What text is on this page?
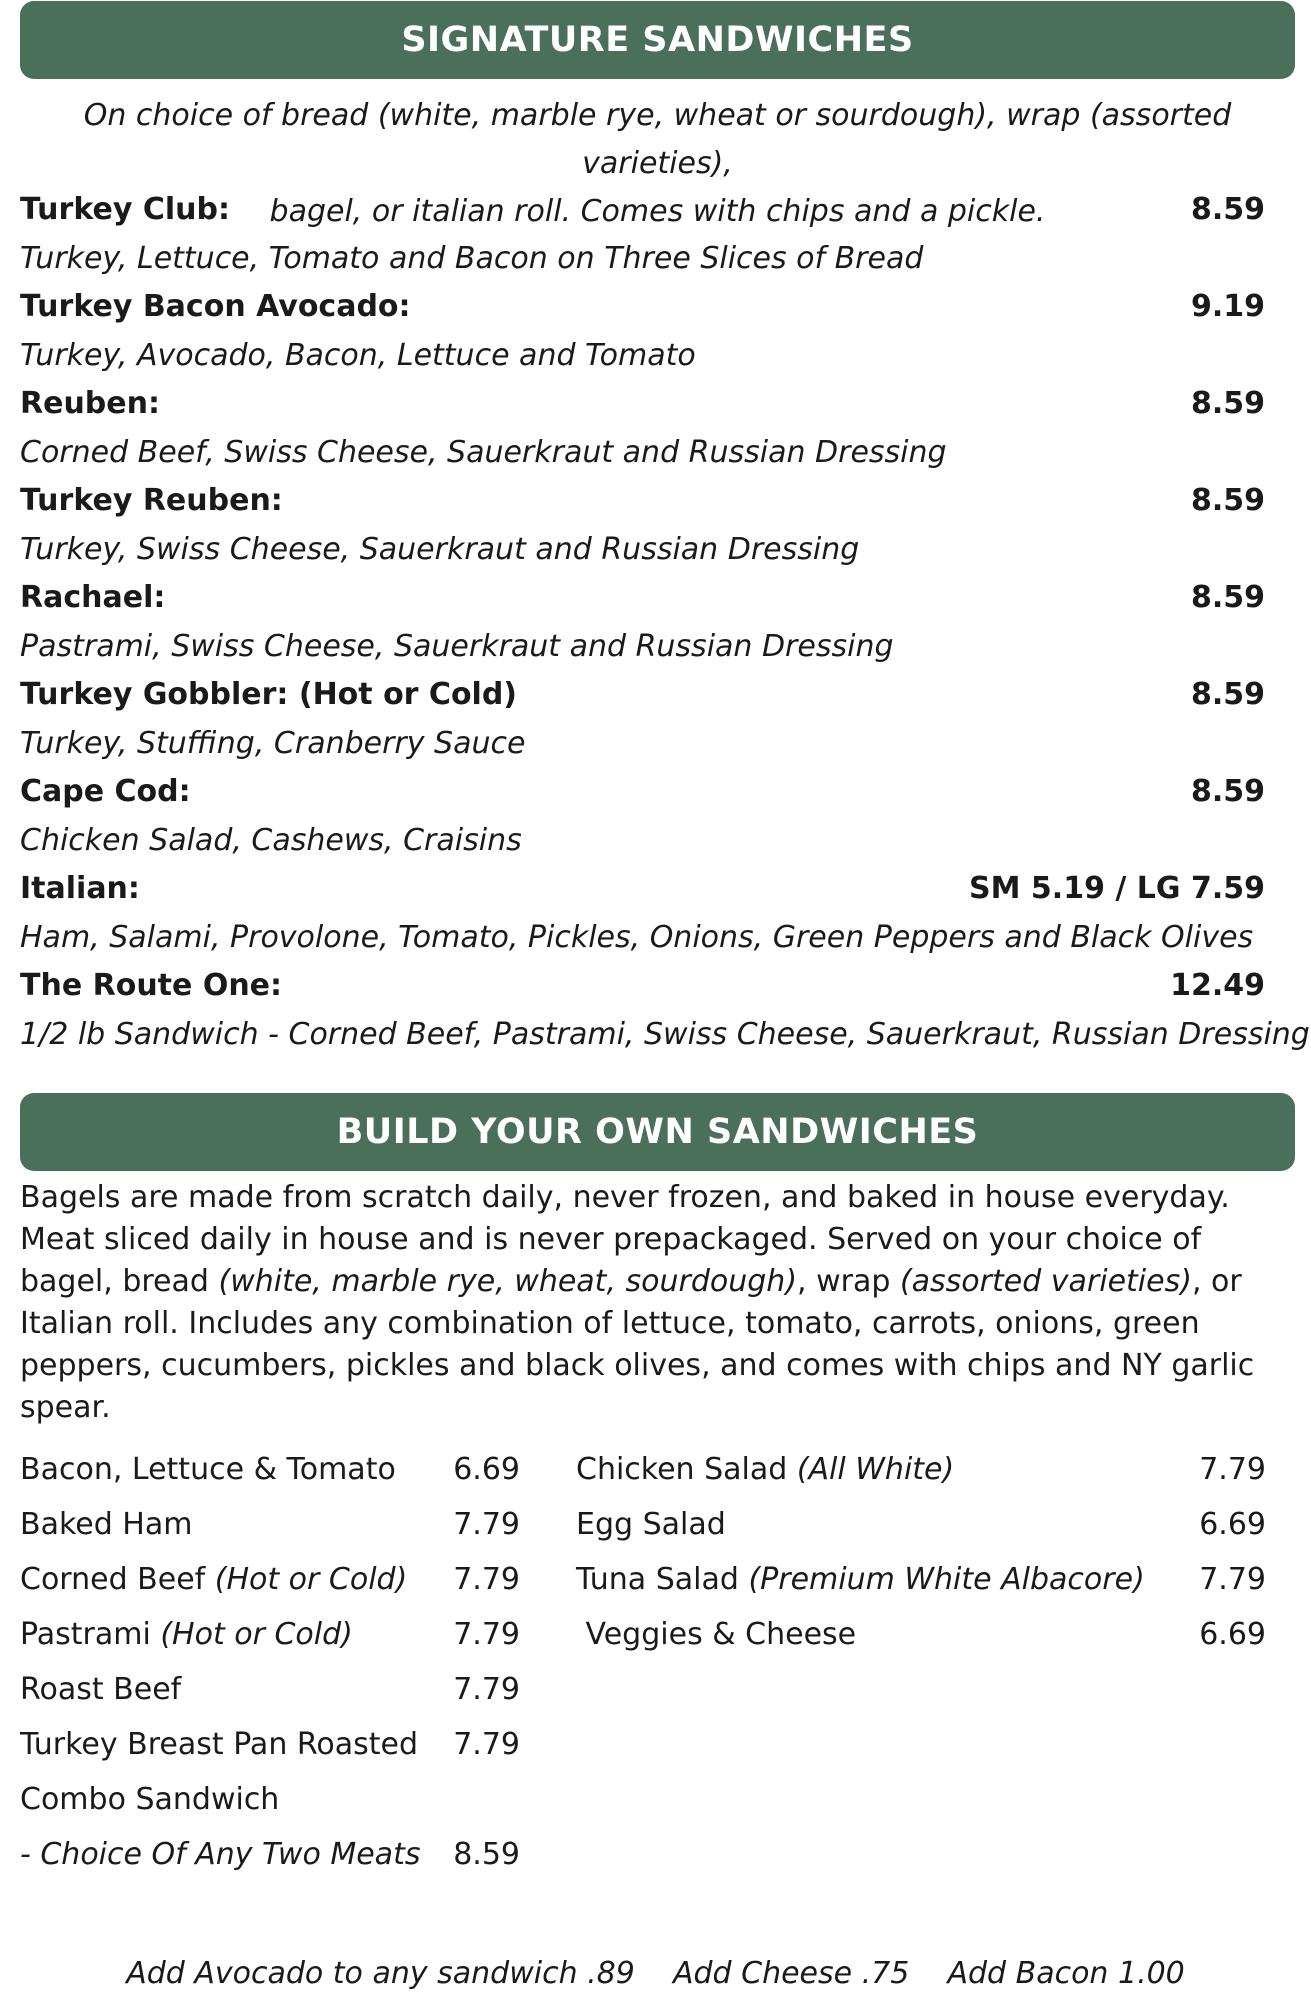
SIGNATURE SANDWICHES
On choice of bread (white, marble rye, wheat or sourdough), wrap (assorted varieties),
bagel, or italian roll. Comes with chips and a pickle.
Turkey Club:	8.59
Turkey, Lettuce, Tomato and Bacon on Three Slices of Bread
Turkey Bacon Avocado:	9.19
Turkey, Avocado, Bacon, Lettuce and Tomato
Reuben:	8.59
Corned Beef, Swiss Cheese, Sauerkraut and Russian Dressing
Turkey Reuben:	8.59
Turkey, Swiss Cheese, Sauerkraut and Russian Dressing
Rachael:	8.59
Pastrami, Swiss Cheese, Sauerkraut and Russian Dressing
Turkey Gobbler: (Hot or Cold)	8.59
Turkey, Stuffing, Cranberry Sauce
Cape Cod:	8.59
Chicken Salad, Cashews, Craisins
Italian:	SM 5.19 / LG 7.59
Ham, Salami, Provolone, Tomato, Pickles, Onions, Green Peppers and Black Olives
The Route One:	12.49
1/2 lb Sandwich - Corned Beef, Pastrami, Swiss Cheese, Sauerkraut, Russian Dressing
BUILD YOUR OWN SANDWICHES
Bagels are made from scratch daily, never frozen, and baked in house everyday. Meat sliced daily in house and is never prepackaged. Served on your choice of bagel, bread (white, marble rye, wheat, sourdough), wrap (assorted varieties), or Italian roll. Includes any combination of lettuce, tomato, carrots, onions, green peppers, cucumbers, pickles and black olives, and comes with chips and NY garlic spear.
Bacon, Lettuce & Tomato 6.69
Baked Ham	7.79
Corned Beef (Hot or Cold) 7.79
Pastrami (Hot or Cold)	7.79
Roast Beef	7.79
Turkey Breast Pan Roasted 7.79
Combo Sandwich
- Choice Of Any Two Meats 8.59
Chicken Salad (All White)	7.79
Egg Salad	6.69
Tuna Salad (Premium White Albacore) 7.79
Veggies & Cheese	6.69
Add Avocado to any sandwich .89    Add Cheese .75    Add Bacon 1.00
